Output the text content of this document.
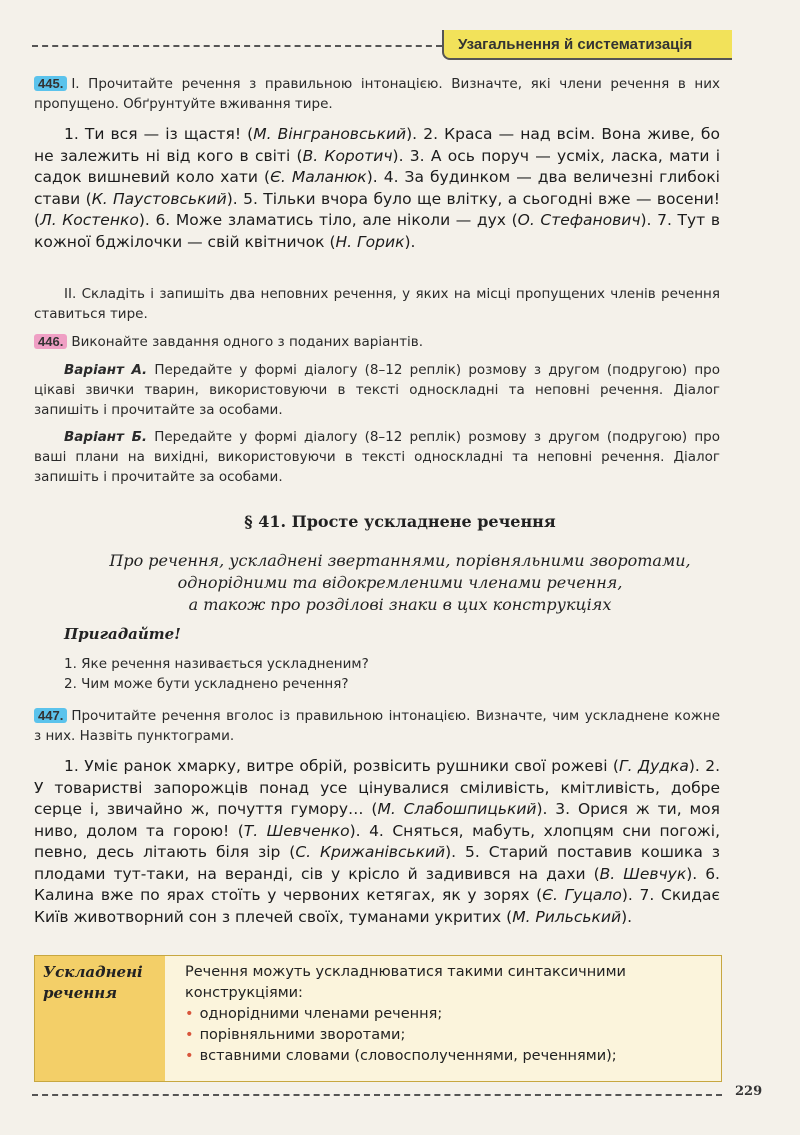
Узагальнення й систематизація
445. I. Прочитайте речення з правильною інтонацією. Визначте, які члени речення в них пропущено. Обґрунтуйте вживання тире.
1. Ти вся — із щастя! (М. Вінграновський). 2. Краса — над всім. Вона живе, бо не залежить ні від кого в світі (В. Коротич). 3. А ось поруч — усміх, ласка, мати і садок вишневий коло хати (Є. Маланюк). 4. За будинком — два величезні глибокі стави (К. Паустовський). 5. Тільки вчора було ще влітку, а сьогодні вже — восени! (Л. Костенко). 6. Може зламатись тіло, але ніколи — дух (О. Стефанович). 7. Тут в кожної бджілочки — свій квітничок (Н. Горик).
II. Складіть і запишіть два неповних речення, у яких на місці пропущених членів речення ставиться тире.
446. Виконайте завдання одного з поданих варіантів.
Варіант А. Передайте у формі діалогу (8–12 реплік) розмову з другом (подругою) про цікаві звички тварин, використовуючи в тексті односкладні та неповні речення. Діалог запишіть і прочитайте за особами.
Варіант Б. Передайте у формі діалогу (8–12 реплік) розмову з другом (подругою) про ваші плани на вихідні, використовуючи в тексті односкладні та неповні речення. Діалог запишіть і прочитайте за особами.
§ 41. Просте ускладнене речення
Про речення, ускладнені звертаннями, порівняльними зворотами,
однорідними та відокремленими членами речення,
а також про розділові знаки в цих конструкціях
Пригадайте!
1. Яке речення називається ускладненим?
2. Чим може бути ускладнено речення?
447. Прочитайте речення вголос із правильною інтонацією. Визначте, чим ускладнене кожне з них. Назвіть пунктограми.
1. Уміє ранок хмарку, витре обрій, розвісить рушники свої рожеві (Г. Дудка). 2. У товаристві запорожців понад усе цінувалися сміливість, кмітливість, добре серце і, звичайно ж, почуття гумору… (М. Слабошпицький). 3. Орися ж ти, моя ниво, долом та горою! (Т. Шевченко). 4. Сняться, мабуть, хлопцям сни погожі, певно, десь літають біля зір (С. Крижанівський). 5. Старий поставив кошика з плодами тут-таки, на веранді, сів у крісло й задивився на дахи (В. Шевчук). 6. Калина вже по ярах стоїть у червоних кетягах, як у зорях (Є. Гуцало). 7. Скидає Київ животворний сон з плечей своїх, туманами укритих (М. Рильський).
Ускладнені
речення
Речення можуть ускладнюватися такими синтаксичними конструкціями:
• однорідними членами речення;
• порівняльними зворотами;
• вставними словами (словосполученнями, реченнями);
229
